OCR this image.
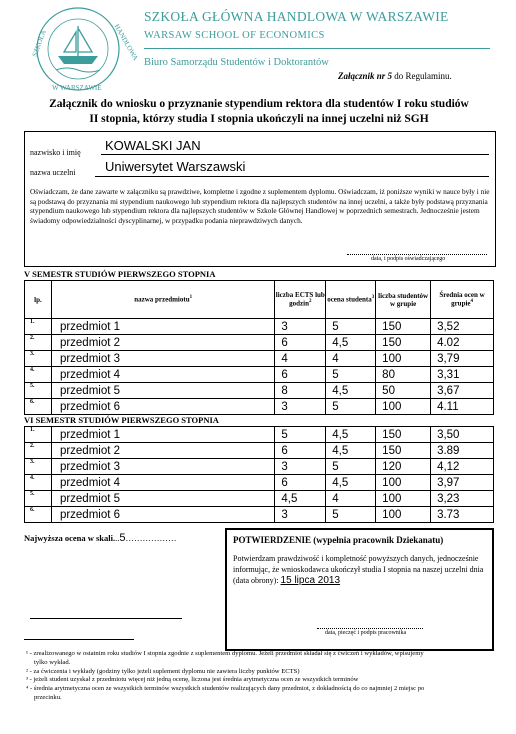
SZKOŁA	HANDLOWA
W WARSZAWIE
SZKOŁA GŁÓWNA HANDLOWA W WARSZAWIE
WARSAW SCHOOL OF ECONOMICS
Biuro Samorządu Studentów i Doktorantów
Załącznik nr 5 do Regulaminu.
Załącznik do wniosku o przyznanie stypendium rektora dla studentów I roku studiów
II stopnia, którzy studia I stopnia ukończyli na innej uczelni niż SGH
nazwisko i imię KOWALSKI JAN
nazwa uczelni Uniwersytet Warszawski
Oświadczam, że dane zawarte w załączniku są prawdziwe, kompletne i zgodne z suplementem dyplomu. Oświadczam, iż poniższe wyniki w nauce były i nie są podstawą do przyznania mi stypendium naukowego lub stypendium rektora dla najlepszych studentów na innej uczelni, a także były podstawą przyznania stypendium naukowego lub stypendium rektora dla najlepszych studentów w Szkole Głównej Handlowej w poprzednich semestrach. Jednocześnie jestem świadomy odpowiedzialności dyscyplinarnej, w przypadku podania nieprawdziwych danych.
data, i podpis oświadczającego
V SEMESTR STUDIÓW PIERWSZEGO STOPNIA
lp.	nazwa przedmiotu$^1$	liczba ECTS lub godzin$^2$	ocena studenta$^3$	liczba studentów w grupie	Średnia ocen w grupie$^4$
1.	przedmiot 1	3	5	150	3,52
2.	przedmiot 2	6	4,5	150	4.02
3.	przedmiot 3	4	4	100	3,79
4.	przedmiot 4	6	5	80	3,31
5.	przedmiot 5	8	4,5	50	3,67
6.	przedmiot 6	3	5	100	4.11
VI SEMESTR STUDIÓW PIERWSZEGO STOPNIA
1.	przedmiot 1	5	4,5	150	3,50
2.	przedmiot 2	6	4,5	150	3.89
3.	przedmiot 3	3	5	120	4,12
4.	przedmiot 4	6	4,5	100	3,97
5.	przedmiot 5	4,5	4	100	3,23
6.	przedmiot 6	3	5	100	3.73
Najwyższa ocena w skali...5………………	POTWIERDZENIE (wypełnia pracownik Dziekanatu)
Potwierdzam prawdziwość i kompletność powyższych danych, jednocześnie informując, że wnioskodawca ukończył studia I stopnia na naszej uczelni dnia (data obrony): 15 lipca 2013
data, pieczęć i podpis pracownika
¹ - zrealizowanego w ostatnim roku studiów I stopnia zgodnie z suplementem dyplomu. Jeżeli przedmiot składał się z ćwiczeń i wykładów, wpisujemy tylko wykład.
² - za ćwiczenia i wykłady (godziny tylko jeżeli suplement dyplomu nie zawiera liczby punktów ECTS)
³ - jeżeli student uzyskał z przedmiotu więcej niż jedną ocenę, liczona jest średnia arytmetyczna ocen ze wszystkich terminów
⁴ - średnia arytmetyczna ocen ze wszystkich terminów wszystkich studentów realizujących dany przedmiot, z dokładnością do co najmniej 2 miejsc po przecinku.
